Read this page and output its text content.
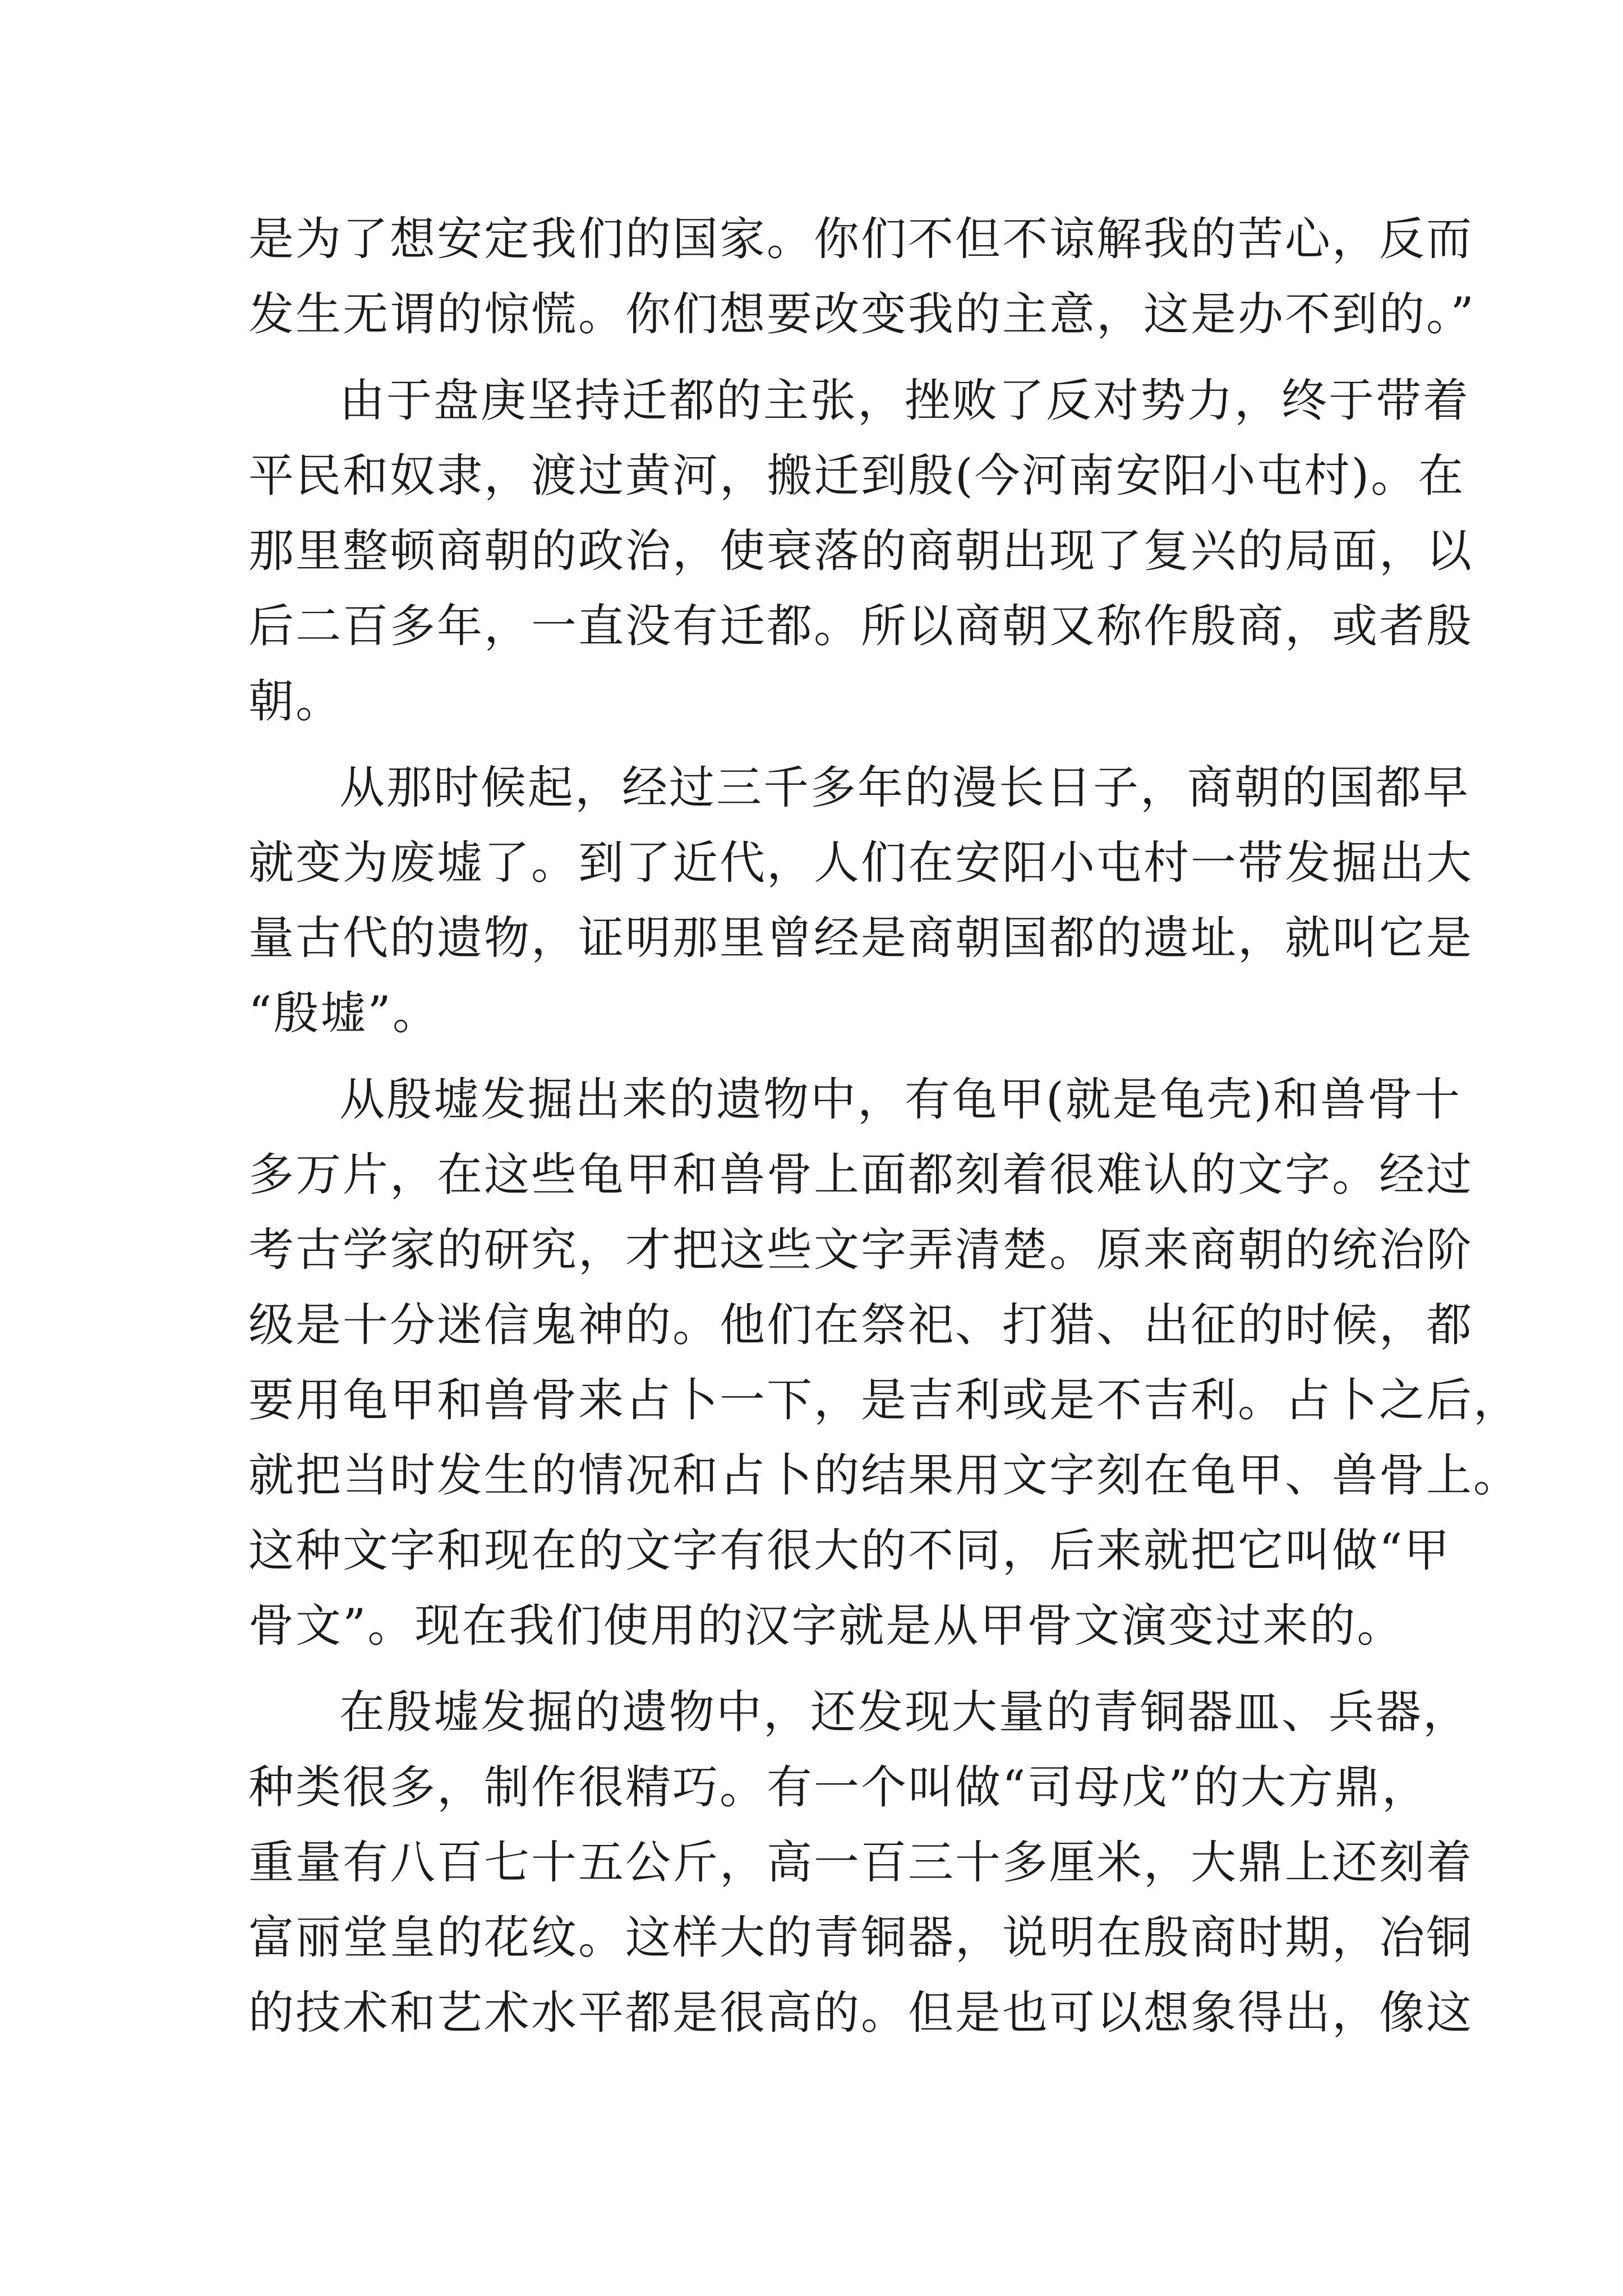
是为了想安定我们的国家。你们不但不谅解我的苦心，反而
发生无谓的惊慌。你们想要改变我的主意，这是办不到的。”
由于盘庚坚持迁都的主张，挫败了反对势力，终于带着
平民和奴隶，渡过黄河，搬迁到殷(今河南安阳小屯村)。在
那里整顿商朝的政治，使衰落的商朝出现了复兴的局面，以
后二百多年，一直没有迁都。所以商朝又称作殷商，或者殷
朝。
从那时候起，经过三千多年的漫长日子，商朝的国都早
就变为废墟了。到了近代，人们在安阳小屯村一带发掘出大
量古代的遗物，证明那里曾经是商朝国都的遗址，就叫它是
“殷墟”。
从殷墟发掘出来的遗物中，有龟甲(就是龟壳)和兽骨十
多万片，在这些龟甲和兽骨上面都刻着很难认的文字。经过
考古学家的研究，才把这些文字弄清楚。原来商朝的统治阶
级是十分迷信鬼神的。他们在祭祀、打猎、出征的时候，都
要用龟甲和兽骨来占卜一下，是吉利或是不吉利。占卜之后，
就把当时发生的情况和占卜的结果用文字刻在龟甲、兽骨上。
这种文字和现在的文字有很大的不同，后来就把它叫做“甲
骨文”。现在我们使用的汉字就是从甲骨文演变过来的。
在殷墟发掘的遗物中，还发现大量的青铜器皿、兵器，
种类很多，制作很精巧。有一个叫做“司母戊”的大方鼎，
重量有八百七十五公斤，高一百三十多厘米，大鼎上还刻着
富丽堂皇的花纹。这样大的青铜器，说明在殷商时期，冶铜
的技术和艺术水平都是很高的。但是也可以想象得出，像这
